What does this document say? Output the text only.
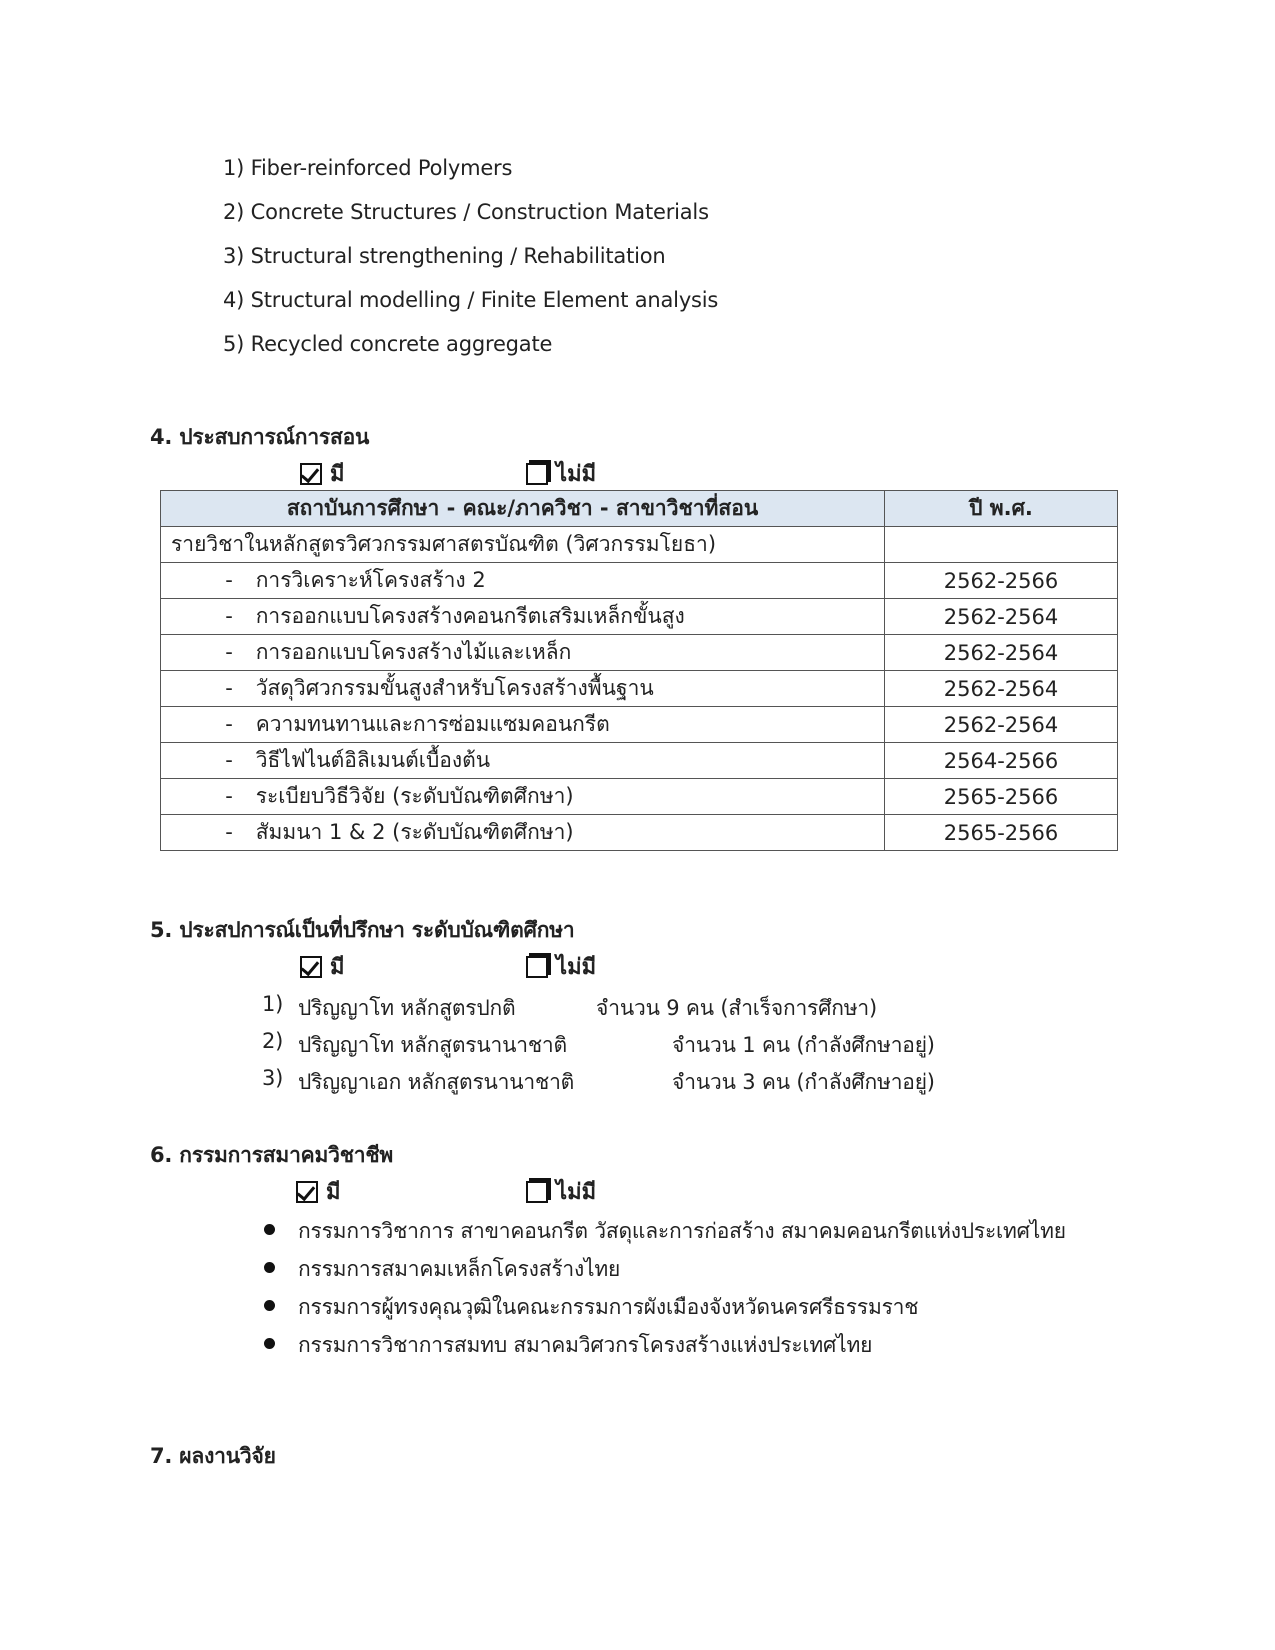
1) Fiber-reinforced Polymers
2) Concrete Structures / Construction Materials
3) Structural strengthening / Rehabilitation
4) Structural modelling / Finite Element analysis
5) Recycled concrete aggregate
4. ประสบการณ์การสอน
มี	ไม่มี
สถาบันการศึกษา - คณะ/ภาควิชา - สาขาวิชาที่สอน	ปี พ.ศ.
รายวิชาในหลักสูตรวิศวกรรมศาสตรบัณฑิต (วิศวกรรมโยธา)	
- การวิเคราะห์โครงสร้าง 2	2562-2566
- การออกแบบโครงสร้างคอนกรีตเสริมเหล็กขั้นสูง	2562-2564
- การออกแบบโครงสร้างไม้และเหล็ก	2562-2564
- วัสดุวิศวกรรมขั้นสูงสำหรับโครงสร้างพื้นฐาน	2562-2564
- ความทนทานและการซ่อมแซมคอนกรีต	2562-2564
- วิธีไฟไนต์อิลิเมนต์เบื้องต้น	2564-2566
- ระเบียบวิธีวิจัย (ระดับบัณฑิตศึกษา)	2565-2566
- สัมมนา 1 & 2 (ระดับบัณฑิตศึกษา)	2565-2566
5. ประสปการณ์เป็นที่ปรึกษา ระดับบัณฑิตศึกษา
มี	ไม่มี
1) ปริญญาโท หลักสูตรปกติ	จำนวน 9 คน (สำเร็จการศึกษา)
2) ปริญญาโท หลักสูตรนานาชาติ	จำนวน 1 คน (กำลังศึกษาอยู่)
3) ปริญญาเอก หลักสูตรนานาชาติ	จำนวน 3 คน (กำลังศึกษาอยู่)
6. กรรมการสมาคมวิชาชีพ
มี	ไม่มี
กรรมการวิชาการ สาขาคอนกรีต วัสดุและการก่อสร้าง สมาคมคอนกรีตแห่งประเทศไทย
กรรมการสมาคมเหล็กโครงสร้างไทย
กรรมการผู้ทรงคุณวุฒิในคณะกรรมการผังเมืองจังหวัดนครศรีธรรมราช
กรรมการวิชาการสมทบ สมาคมวิศวกรโครงสร้างแห่งประเทศไทย
7. ผลงานวิจัย
